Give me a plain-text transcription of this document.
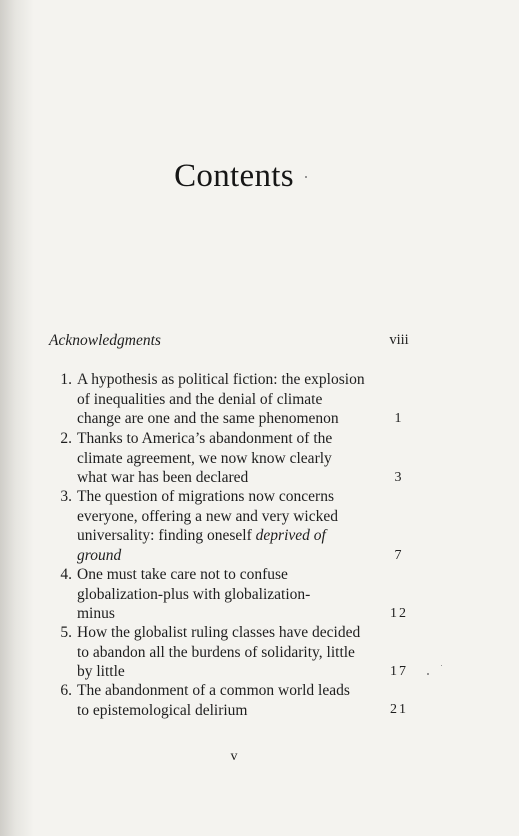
Contents
Acknowledgments	viii
1. A hypothesis as political fiction: the explosion
of inequalities and the denial of climate
change are one and the same phenomenon	1
2. Thanks to America’s abandonment of the
climate agreement, we now know clearly
what war has been declared	3
3. The question of migrations now concerns
everyone, offering a new and very wicked
universality: finding oneself deprived of
ground	7
4. One must take care not to confuse
globalization-plus with globalization-
minus	12
5. How the globalist ruling classes have decided
to abandon all the burdens of solidarity, little
by little	17
6. The abandonment of a common world leads
to epistemological delirium	21
v
